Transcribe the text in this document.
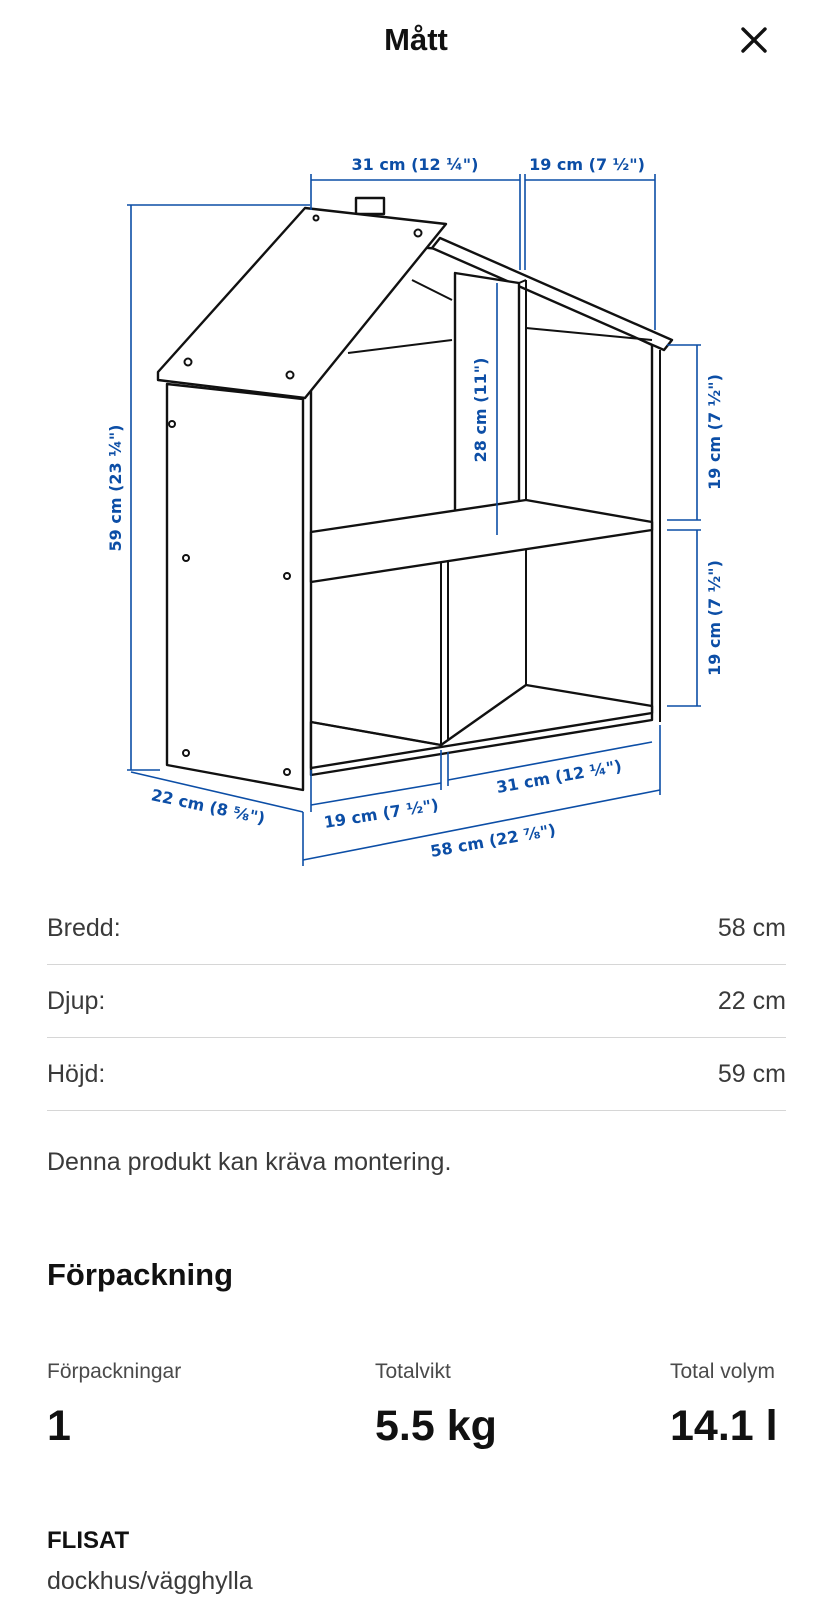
Mått
31 cm (12 ¼")	19 cm (7 ½")
59 cm (23 ¼")
28 cm (11")	19 cm (7 ½")
19 cm (7 ½")
22 cm (8 ⅝")	19 cm (7 ½")
31 cm (12 ¼")
58 cm (22 ⅞")
Bredd:	58 cm
Djup:	22 cm
Höjd:	59 cm
Denna produkt kan kräva montering.
Förpackning
Förpackningar
1
Totalvikt
5.5 kg
Total volym
14.1 l
FLISAT
dockhus/vägghylla
